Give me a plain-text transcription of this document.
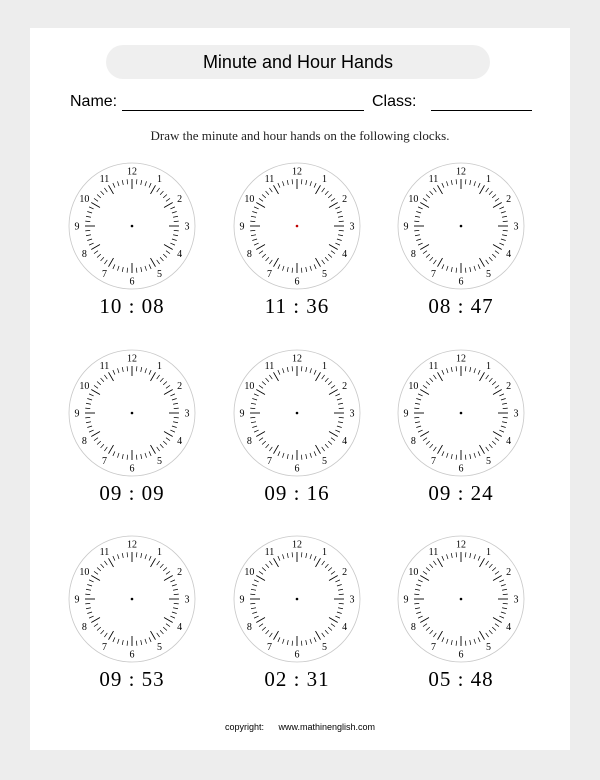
Minute and Hour Hands
Name:	Class:
Draw the minute and hour hands on the following clocks.
12
1
2
3
4
5
6
7
8
9
10
11
10 : 08
12
1
2
3
4
5
6
7
8
9
10
11
11 : 36
12
1
2
3
4
5
6
7
8
9
10
11
08 : 47
12
1
2
3
4
5
6
7
8
9
10
11
09 : 09
12
1
2
3
4
5
6
7
8
9
10
11
09 : 16
12
1
2
3
4
5
6
7
8
9
10
11
09 : 24
12
1
2
3
4
5
6
7
8
9
10
11
09 : 53
12
1
2
3
4
5
6
7
8
9
10
11
02 : 31
12
1
2
3
4
5
6
7
8
9
10
11
05 : 48
copyright: www.mathinenglish.com
